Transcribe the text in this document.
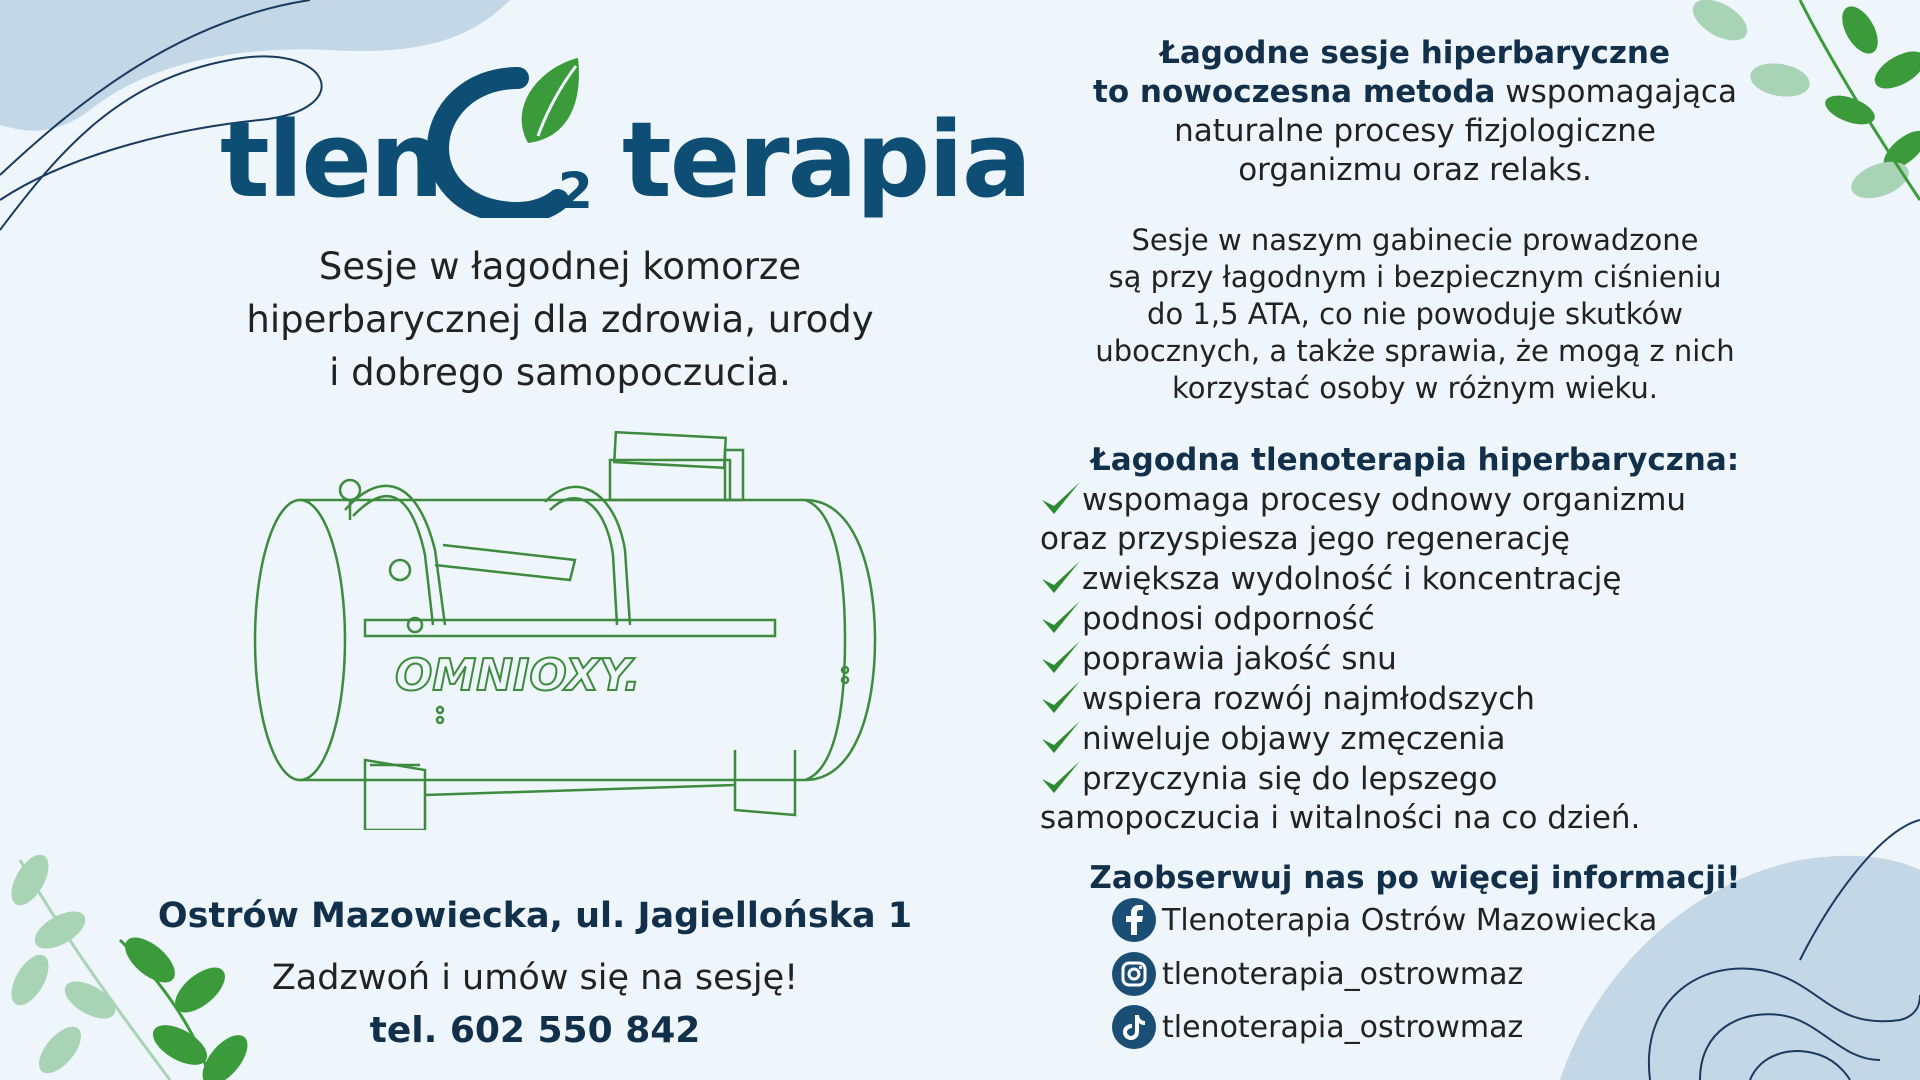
tlen 2 terapia
Sesje w łagodnej komorze
hiperbarycznej dla zdrowia, urody
i dobrego samopoczucia.
OMNIOXY.
Ostrów Mazowiecka, ul. Jagiellońska 1
Zadzwoń i umów się na sesję!
tel. 602 550 842
Łagodne sesje hiperbaryczne
to nowoczesna metoda wspomagająca
naturalne procesy fizjologiczne
organizmu oraz relaks.
Sesje w naszym gabinecie prowadzone
są przy łagodnym i bezpiecznym ciśnieniu
do 1,5 ATA, co nie powoduje skutków
ubocznych, a także sprawia, że mogą z nich
korzystać osoby w różnym wieku.
Łagodna tlenoterapia hiperbaryczna:
wspomaga procesy odnowy organizmu
oraz przyspiesza jego regenerację
zwiększa wydolność i koncentrację
podnosi odporność
poprawia jakość snu
wspiera rozwój najmłodszych
niweluje objawy zmęczenia
przyczynia się do lepszego
samopoczucia i witalności na co dzień.
Zaobserwuj nas po więcej informacji!
Tlenoterapia Ostrów Mazowiecka
tlenoterapia_ostrowmaz
tlenoterapia_ostrowmaz
